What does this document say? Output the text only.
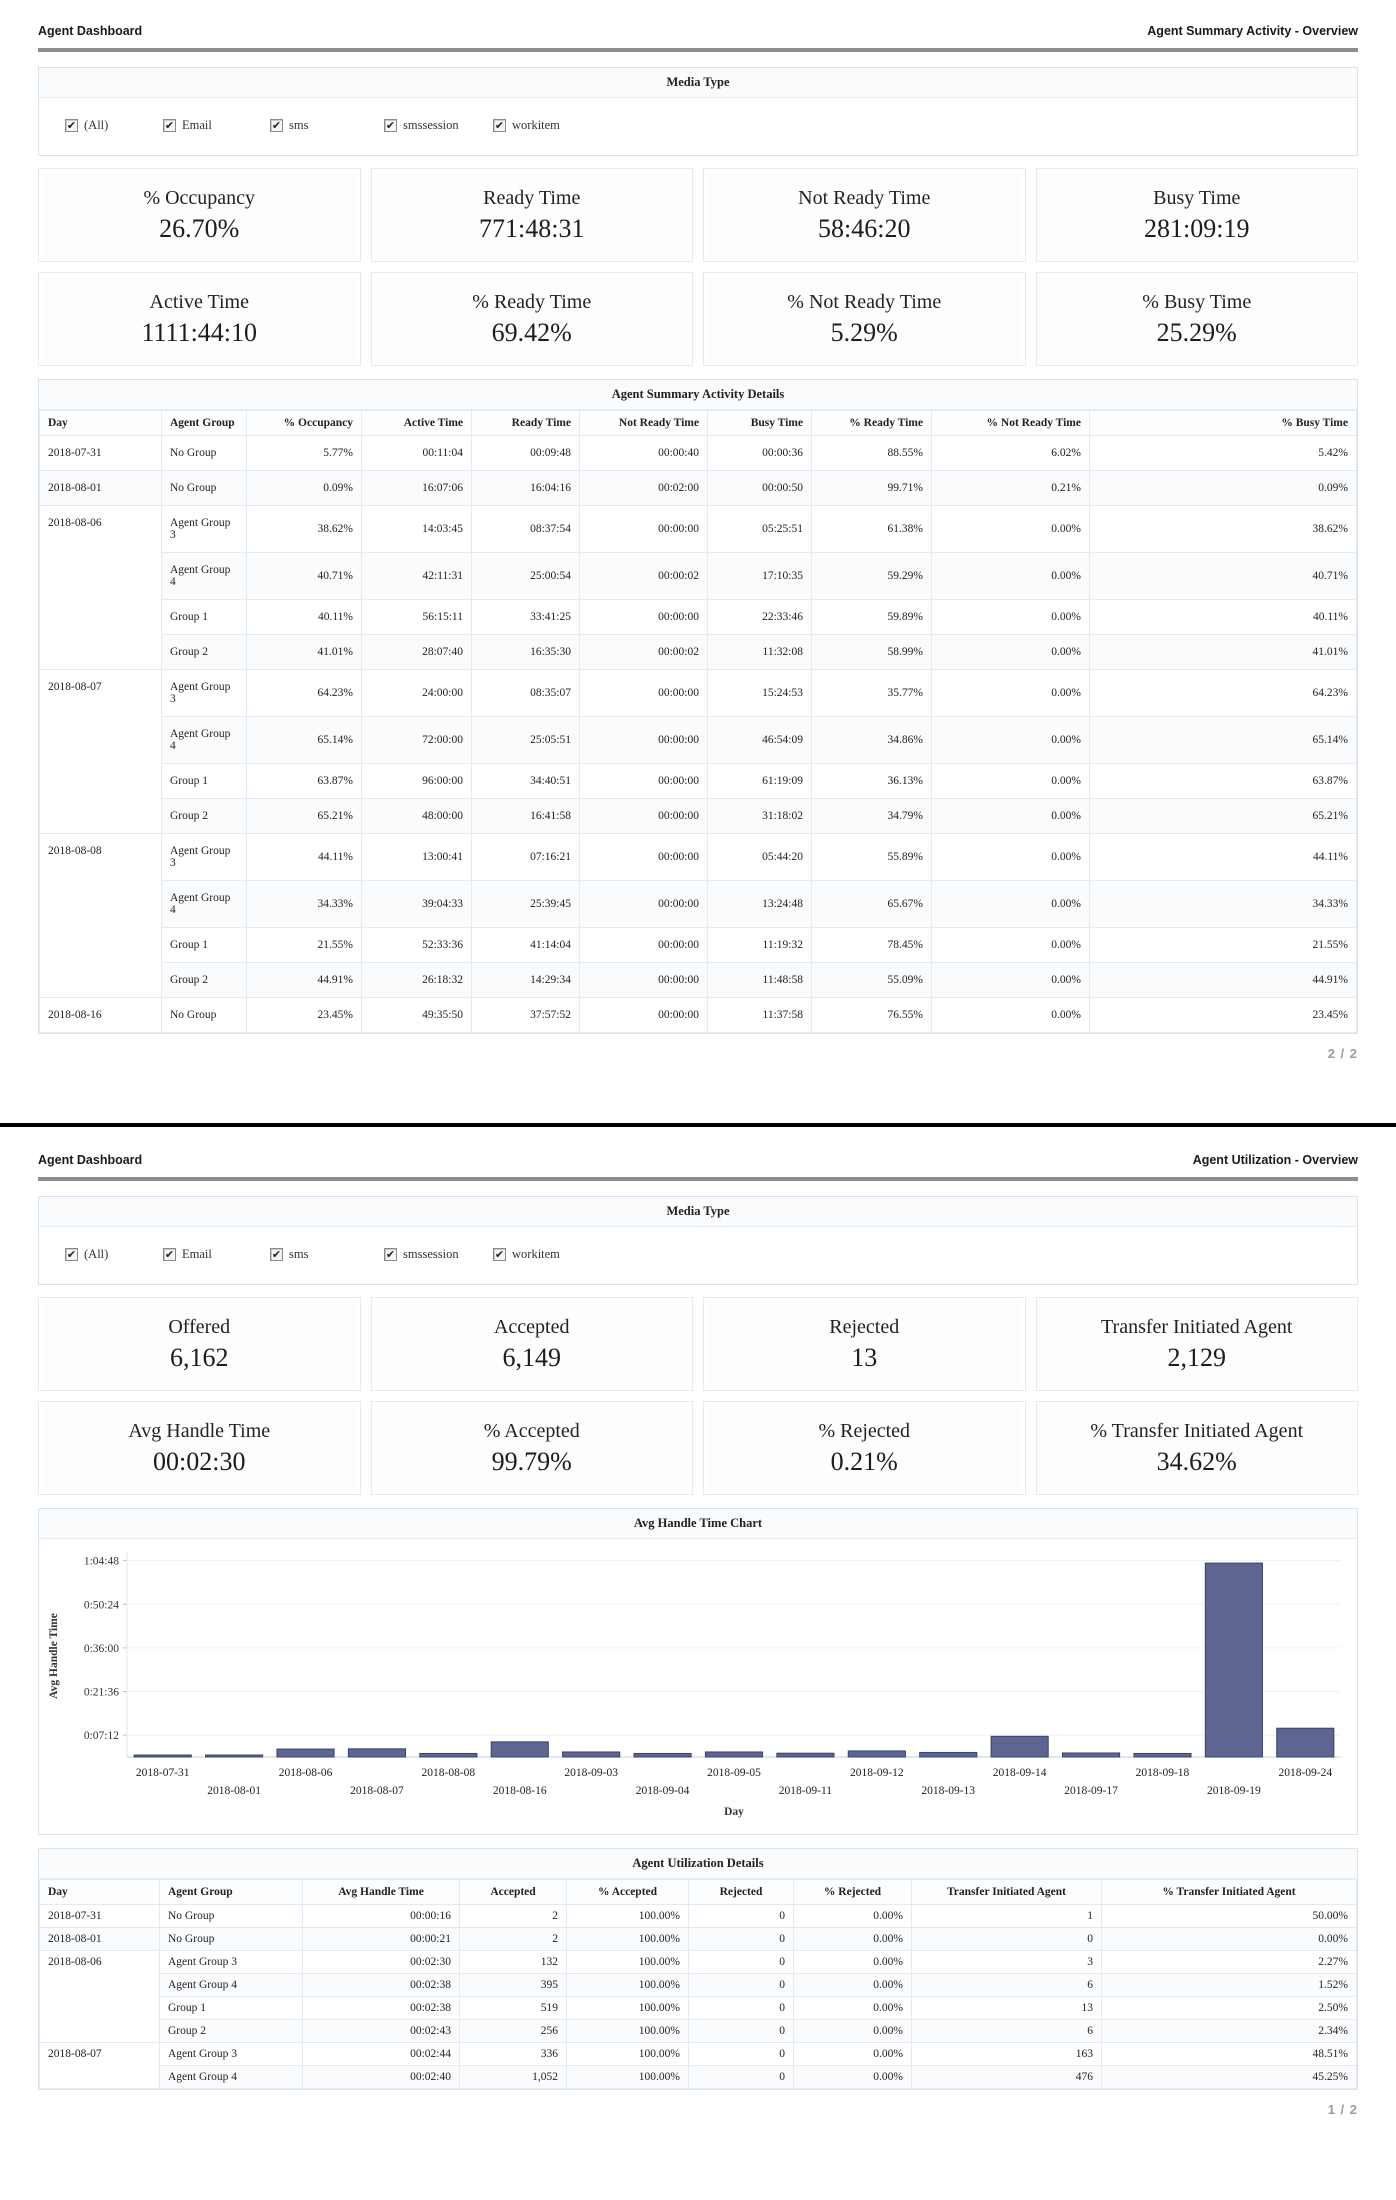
Agent Dashboard	Agent Summary Activity - Overview
Media Type
✔ (All)	✔ Email	✔ sms	✔ smssession	✔ workitem
% Occupancy
26.70%
Ready Time
771:48:31
Not Ready Time
58:46:20
Busy Time
281:09:19
Active Time
1111:44:10
% Ready Time
69.42%
% Not Ready Time
5.29%
% Busy Time
25.29%
Agent Summary Activity Details
Day	Agent Group	% Occupancy	Active Time	Ready Time	Not Ready Time	Busy Time	% Ready Time	% Not Ready Time	% Busy Time
2018-07-31	No Group	5.77%	00:11:04	00:09:48	00:00:40	00:00:36	88.55%	6.02%	5.42%
2018-08-01	No Group	0.09%	16:07:06	16:04:16	00:02:00	00:00:50	99.71%	0.21%	0.09%
2018-08-06	Agent Group 3	38.62%	14:03:45	08:37:54	00:00:00	05:25:51	61.38%	0.00%	38.62%
	Agent Group 4	40.71%	42:11:31	25:00:54	00:00:02	17:10:35	59.29%	0.00%	40.71%
	Group 1	40.11%	56:15:11	33:41:25	00:00:00	22:33:46	59.89%	0.00%	40.11%
	Group 2	41.01%	28:07:40	16:35:30	00:00:02	11:32:08	58.99%	0.00%	41.01%
2018-08-07	Agent Group 3	64.23%	24:00:00	08:35:07	00:00:00	15:24:53	35.77%	0.00%	64.23%
	Agent Group 4	65.14%	72:00:00	25:05:51	00:00:00	46:54:09	34.86%	0.00%	65.14%
	Group 1	63.87%	96:00:00	34:40:51	00:00:00	61:19:09	36.13%	0.00%	63.87%
	Group 2	65.21%	48:00:00	16:41:58	00:00:00	31:18:02	34.79%	0.00%	65.21%
2018-08-08	Agent Group 3	44.11%	13:00:41	07:16:21	00:00:00	05:44:20	55.89%	0.00%	44.11%
	Agent Group 4	34.33%	39:04:33	25:39:45	00:00:00	13:24:48	65.67%	0.00%	34.33%
	Group 1	21.55%	52:33:36	41:14:04	00:00:00	11:19:32	78.45%	0.00%	21.55%
	Group 2	44.91%	26:18:32	14:29:34	00:00:00	11:48:58	55.09%	0.00%	44.91%
2018-08-16	No Group	23.45%	49:35:50	37:57:52	00:00:00	11:37:58	76.55%	0.00%	23.45%
2 / 2
Agent Dashboard	Agent Utilization - Overview
Media Type
✔ (All)	✔ Email	✔ sms	✔ smssession	✔ workitem
Offered
6,162
Accepted
6,149
Rejected
13
Transfer Initiated Agent
2,129
Avg Handle Time
00:02:30
% Accepted
99.79%
% Rejected
0.21%
% Transfer Initiated Agent
34.62%
Avg Handle Time Chart
0:07:12
0:21:36
0:36:00
0:50:24
1:04:48
2018-07-31
2018-08-01
2018-08-06
2018-08-07
2018-08-08
2018-08-16
2018-09-03
2018-09-04
2018-09-05
2018-09-11
2018-09-12
2018-09-13
2018-09-14
2018-09-17
2018-09-18
2018-09-19
2018-09-24
Avg Handle Time
Day
Agent Utilization Details
Day	Agent Group	Avg Handle Time	Accepted	% Accepted	Rejected	% Rejected	Transfer Initiated Agent	% Transfer Initiated Agent
2018-07-31	No Group	00:00:16	2	100.00%	0	0.00%	1	50.00%
2018-08-01	No Group	00:00:21	2	100.00%	0	0.00%	0	0.00%
2018-08-06	Agent Group 3	00:02:30	132	100.00%	0	0.00%	3	2.27%
	Agent Group 4	00:02:38	395	100.00%	0	0.00%	6	1.52%
	Group 1	00:02:38	519	100.00%	0	0.00%	13	2.50%
	Group 2	00:02:43	256	100.00%	0	0.00%	6	2.34%
2018-08-07	Agent Group 3	00:02:44	336	100.00%	0	0.00%	163	48.51%
	Agent Group 4	00:02:40	1,052	100.00%	0	0.00%	476	45.25%
1 / 2
